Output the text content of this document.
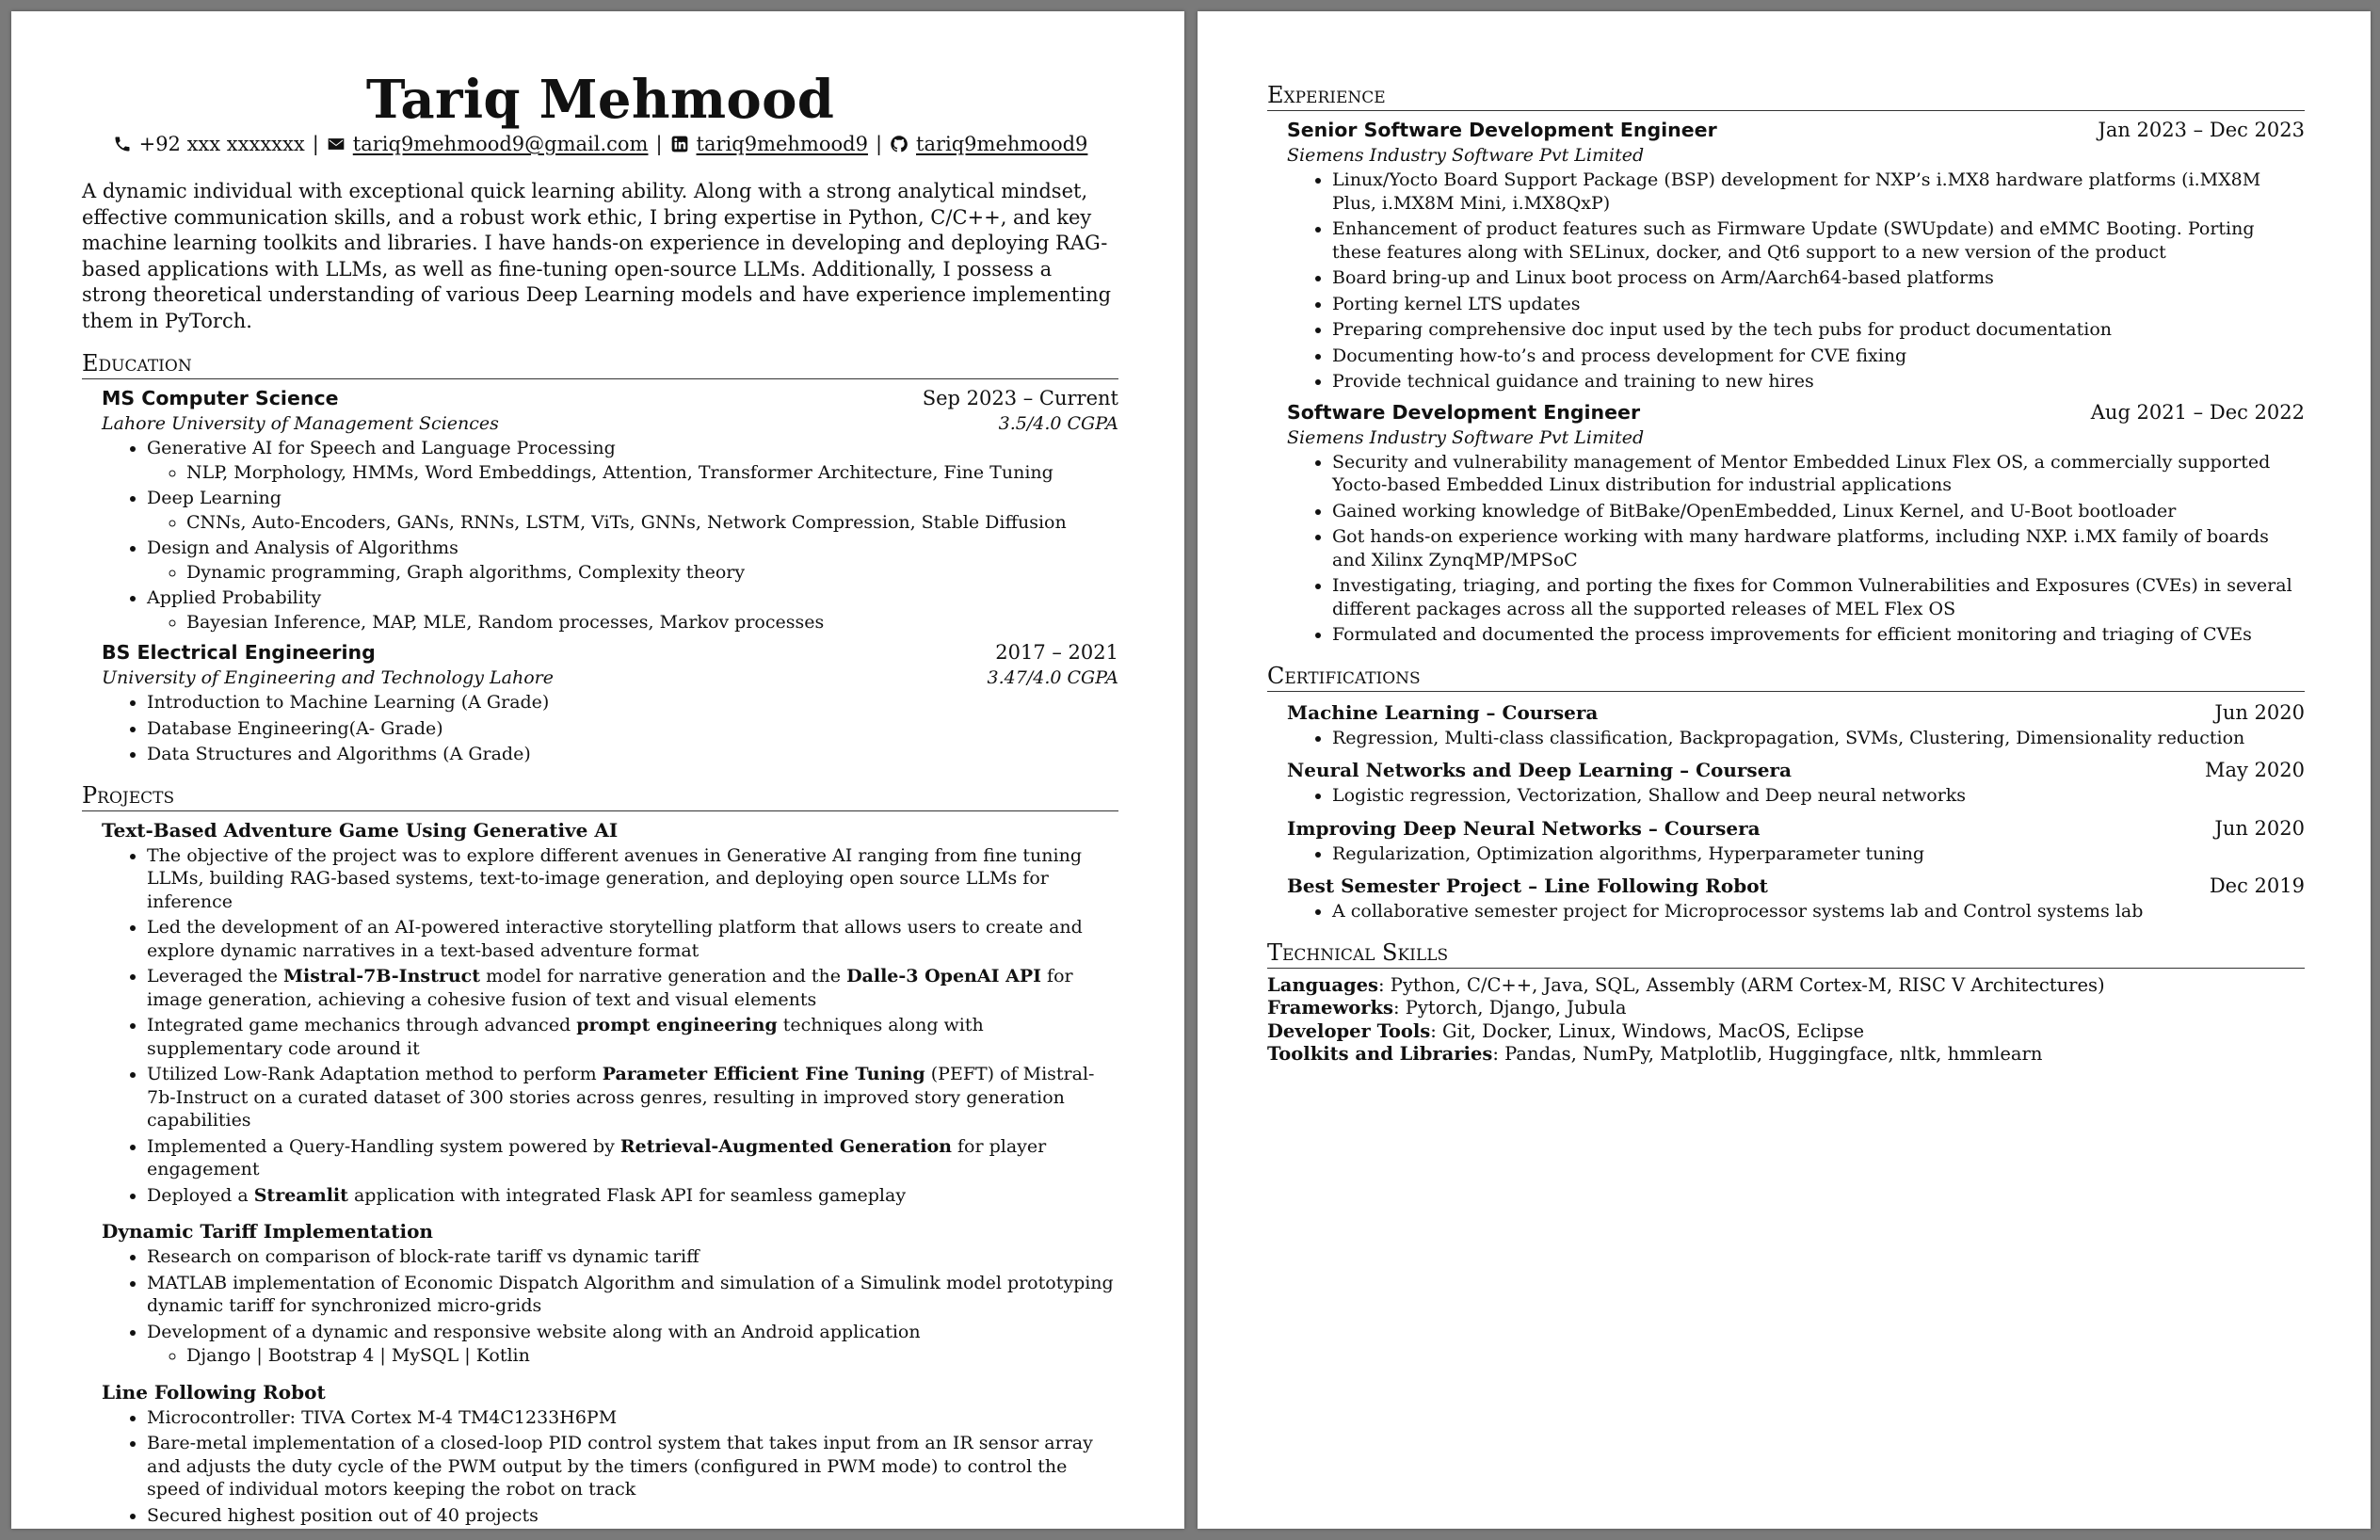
Tariq Mehmood
+92 xxx xxxxxxx | tariq9mehmood9@gmail.com | tariq9mehmood9 | tariq9mehmood9
A dynamic individual with exceptional quick learning ability. Along with a strong analytical mindset, effective communication skills, and a robust work ethic, I bring expertise in Python, C/C++, and key machine learning toolkits and libraries. I have hands-on experience in developing and deploying RAG-based applications with LLMs, as well as fine-tuning open-source LLMs. Additionally, I possess a strong theoretical understanding of various Deep Learning models and have experience implementing them in PyTorch.
Education
MS Computer Science	Sep 2023 – Current
Lahore University of Management Sciences	3.5/4.0 CGPA
• Generative AI for Speech and Language Processing
◦ NLP, Morphology, HMMs, Word Embeddings, Attention, Transformer Architecture, Fine Tuning
• Deep Learning
◦ CNNs, Auto-Encoders, GANs, RNNs, LSTM, ViTs, GNNs, Network Compression, Stable Diffusion
• Design and Analysis of Algorithms
◦ Dynamic programming, Graph algorithms, Complexity theory
• Applied Probability
◦ Bayesian Inference, MAP, MLE, Random processes, Markov processes
BS Electrical Engineering	2017 – 2021
University of Engineering and Technology Lahore	3.47/4.0 CGPA
• Introduction to Machine Learning (A Grade)
• Database Engineering(A- Grade)
• Data Structures and Algorithms (A Grade)
Projects
Text-Based Adventure Game Using Generative AI
• The objective of the project was to explore different avenues in Generative AI ranging from fine tuning LLMs, building RAG-based systems, text-to-image generation, and deploying open source LLMs for inference
• Led the development of an AI-powered interactive storytelling platform that allows users to create and explore dynamic narratives in a text-based adventure format
• Leveraged the Mistral-7B-Instruct model for narrative generation and the Dalle-3 OpenAI API for image generation, achieving a cohesive fusion of text and visual elements
• Integrated game mechanics through advanced prompt engineering techniques along with supplementary code around it
• Utilized Low-Rank Adaptation method to perform Parameter Efficient Fine Tuning (PEFT) of Mistral-7b-Instruct on a curated dataset of 300 stories across genres, resulting in improved story generation capabilities
• Implemented a Query-Handling system powered by Retrieval-Augmented Generation for player engagement
• Deployed a Streamlit application with integrated Flask API for seamless gameplay
Dynamic Tariff Implementation
• Research on comparison of block-rate tariff vs dynamic tariff
• MATLAB implementation of Economic Dispatch Algorithm and simulation of a Simulink model prototyping dynamic tariff for synchronized micro-grids
• Development of a dynamic and responsive website along with an Android application
◦ Django | Bootstrap 4 | MySQL | Kotlin
Line Following Robot
• Microcontroller: TIVA Cortex M-4 TM4C1233H6PM
• Bare-metal implementation of a closed-loop PID control system that takes input from an IR sensor array and adjusts the duty cycle of the PWM output by the timers (configured in PWM mode) to control the speed of individual motors keeping the robot on track
• Secured highest position out of 40 projects
Experience
Senior Software Development Engineer	Jan 2023 – Dec 2023
Siemens Industry Software Pvt Limited
• Linux/Yocto Board Support Package (BSP) development for NXP’s i.MX8 hardware platforms (i.MX8M Plus, i.MX8M Mini, i.MX8QxP)
• Enhancement of product features such as Firmware Update (SWUpdate) and eMMC Booting. Porting these features along with SELinux, docker, and Qt6 support to a new version of the product
• Board bring-up and Linux boot process on Arm/Aarch64-based platforms
• Porting kernel LTS updates
• Preparing comprehensive doc input used by the tech pubs for product documentation
• Documenting how-to’s and process development for CVE fixing
• Provide technical guidance and training to new hires
Software Development Engineer	Aug 2021 – Dec 2022
Siemens Industry Software Pvt Limited
• Security and vulnerability management of Mentor Embedded Linux Flex OS, a commercially supported Yocto-based Embedded Linux distribution for industrial applications
• Gained working knowledge of BitBake/OpenEmbedded, Linux Kernel, and U-Boot bootloader
• Got hands-on experience working with many hardware platforms, including NXP. i.MX family of boards and Xilinx ZynqMP/MPSoC
• Investigating, triaging, and porting the fixes for Common Vulnerabilities and Exposures (CVEs) in several different packages across all the supported releases of MEL Flex OS
• Formulated and documented the process improvements for efficient monitoring and triaging of CVEs
Certifications
Machine Learning – Coursera	Jun 2020
• Regression, Multi-class classification, Backpropagation, SVMs, Clustering, Dimensionality reduction
Neural Networks and Deep Learning – Coursera	May 2020
• Logistic regression, Vectorization, Shallow and Deep neural networks
Improving Deep Neural Networks – Coursera	Jun 2020
• Regularization, Optimization algorithms, Hyperparameter tuning
Best Semester Project – Line Following Robot	Dec 2019
• A collaborative semester project for Microprocessor systems lab and Control systems lab
Technical Skills
Languages: Python, C/C++, Java, SQL, Assembly (ARM Cortex-M, RISC V Architectures)
Frameworks: Pytorch, Django, Jubula
Developer Tools: Git, Docker, Linux, Windows, MacOS, Eclipse
Toolkits and Libraries: Pandas, NumPy, Matplotlib, Huggingface, nltk, hmmlearn
